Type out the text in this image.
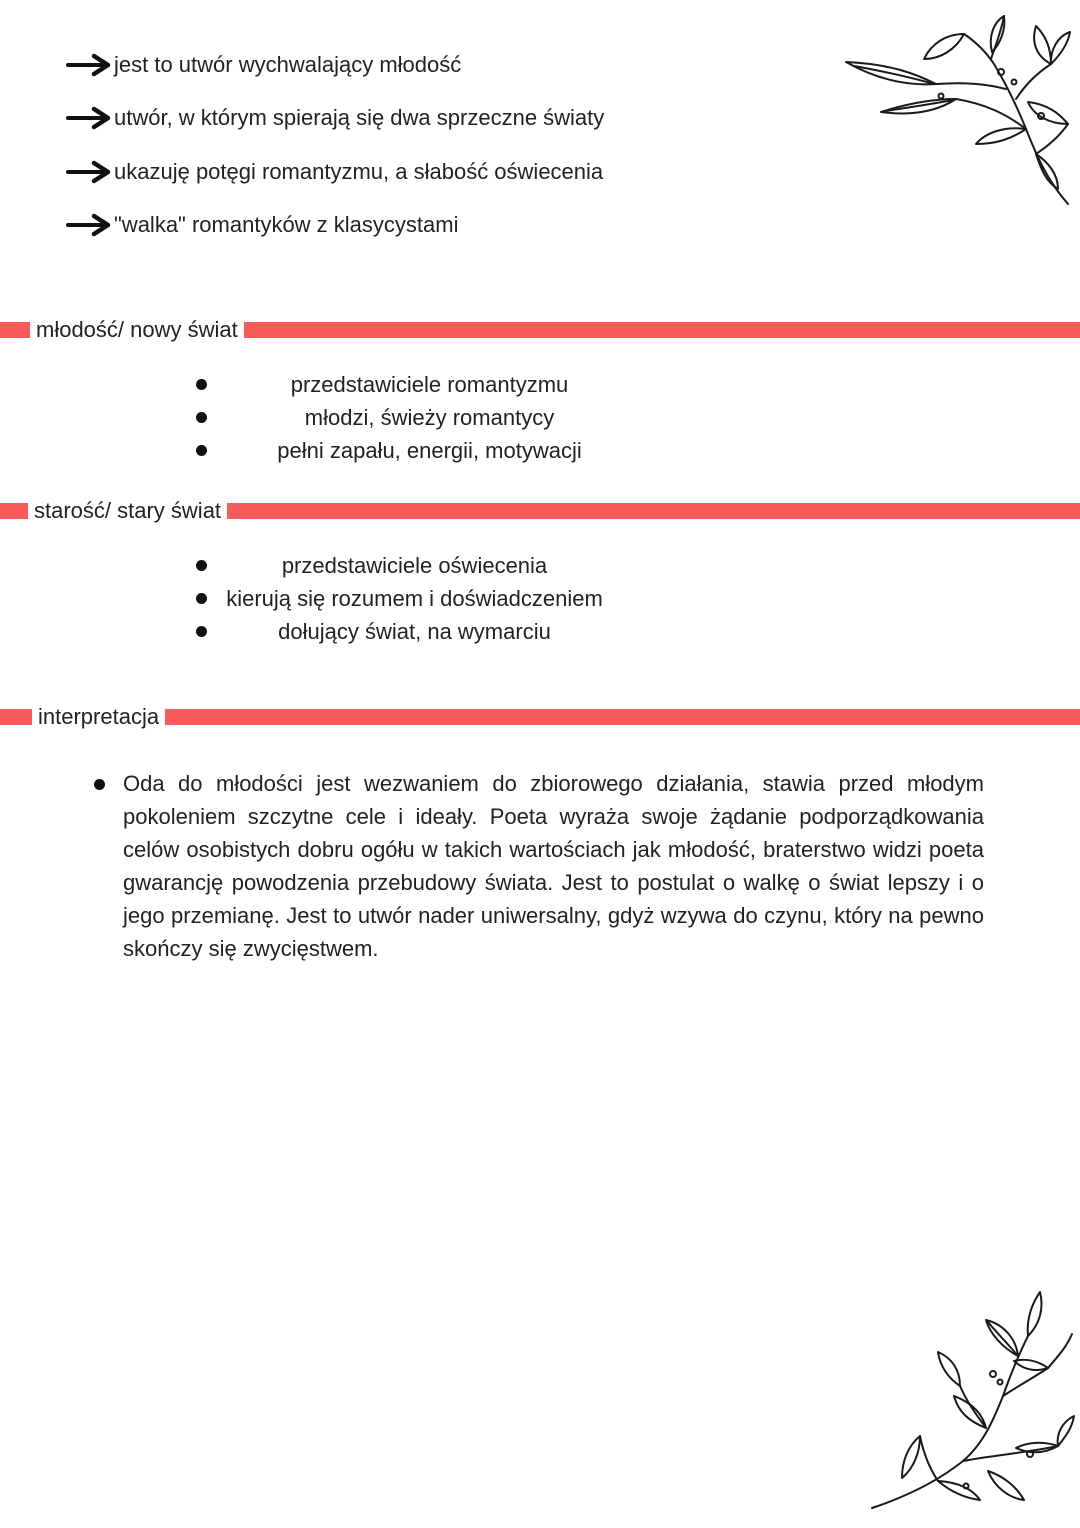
jest to utwór wychwalający młodość
utwór, w którym spierają się dwa sprzeczne światy
ukazuję potęgi romantyzmu, a słabość oświecenia
"walka" romantyków z klasycystami
młodość/ nowy świat
przedstawiciele romantyzmu
młodzi, świeży romantycy
pełni zapału, energii, motywacji
starość/ stary świat
przedstawiciele oświecenia
kierują się rozumem i doświadczeniem
dołujący świat, na wymarciu
interpretacja

Oda do młodości jest wezwaniem do zbiorowego działania, stawia przed młodym pokoleniem szczytne cele i ideały. Poeta wyraża swoje żądanie podporządkowania celów osobistych dobru ogółu w takich wartościach jak młodość, braterstwo widzi poeta gwarancję powodzenia przebudowy świata. Jest to postulat o walkę o świat lepszy i o jego przemianę. Jest to utwór nader uniwersalny, gdyż wzywa do czynu, który na pewno skończy się zwycięstwem.
